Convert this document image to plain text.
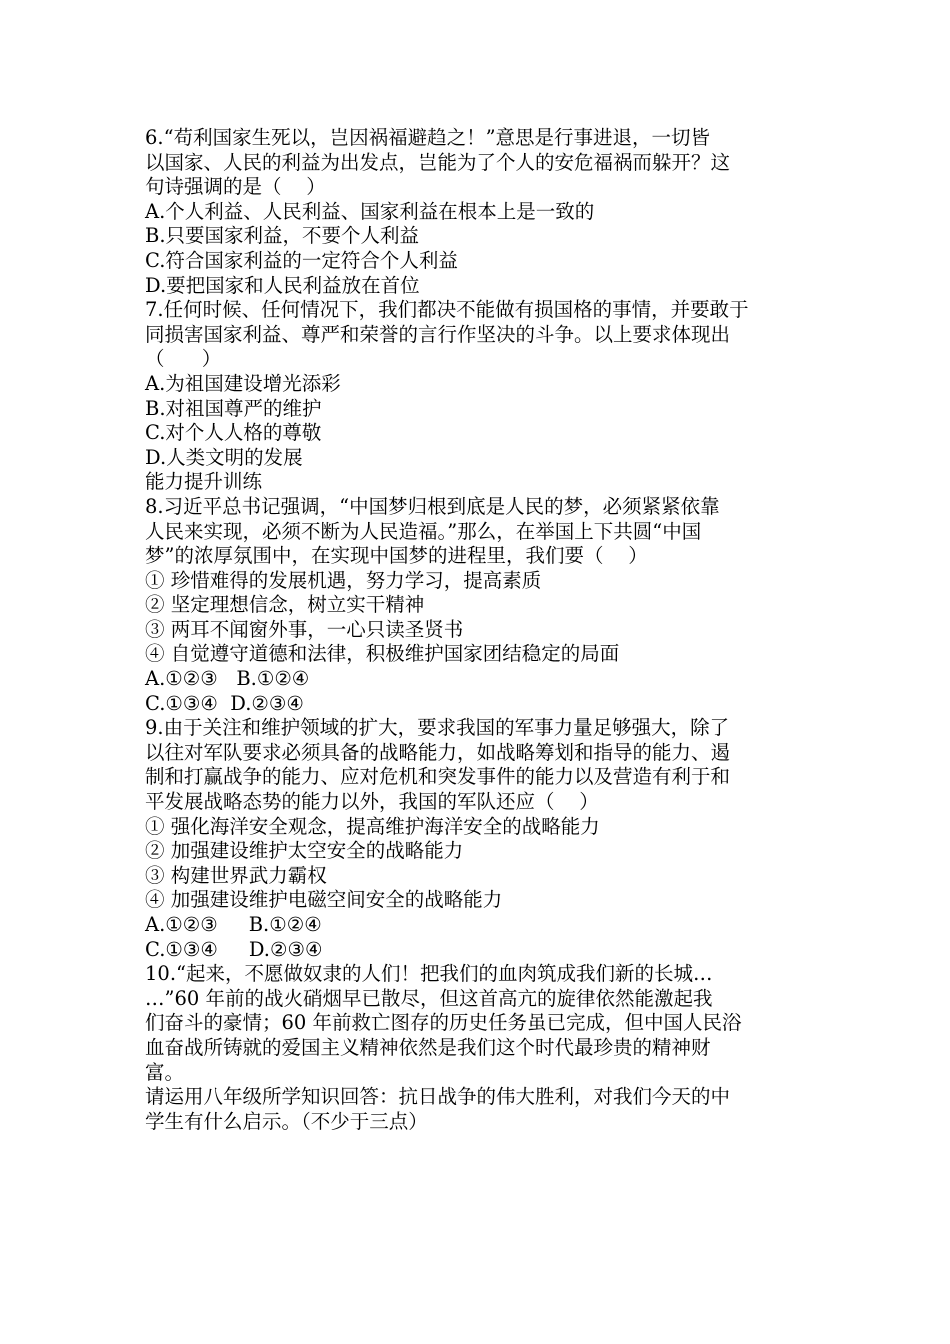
6.“苟利国家生死以，岂因祸福避趋之！”意思是行事进退，一切皆
以国家、人民的利益为出发点，岂能为了个人的安危福祸而躲开？这
句诗强调的是（    ）
A.个人利益、人民利益、国家利益在根本上是一致的
B.只要国家利益，不要个人利益
C.符合国家利益的一定符合个人利益
D.要把国家和人民利益放在首位
7.任何时候、任何情况下，我们都决不能做有损国格的事情，并要敢于
同损害国家利益、尊严和荣誉的言行作坚决的斗争。以上要求体现出
（      ）
A.为祖国建设增光添彩
B.对祖国尊严的维护
C.对个人人格的尊敬
D.人类文明的发展
能力提升训练
8.习近平总书记强调，“中国梦归根到底是人民的梦，必须紧紧依靠
人民来实现，必须不断为人民造福。”那么，在举国上下共圆“中国
梦”的浓厚氛围中，在实现中国梦的进程里，我们要（    ）
① 珍惜难得的发展机遇，努力学习，提高素质
② 坚定理想信念，树立实干精神
③ 两耳不闻窗外事，一心只读圣贤书
④ 自觉遵守道德和法律，积极维护国家团结稳定的局面
A.①②③   B.①②④
C.①③④  D.②③④
9.由于关注和维护领域的扩大，要求我国的军事力量足够强大，除了
以往对军队要求必须具备的战略能力，如战略筹划和指导的能力、遏
制和打赢战争的能力、应对危机和突发事件的能力以及营造有利于和
平发展战略态势的能力以外，我国的军队还应（    ）
① 强化海洋安全观念，提高维护海洋安全的战略能力
② 加强建设维护太空安全的战略能力
③ 构建世界武力霸权
④ 加强建设维护电磁空间安全的战略能力
A.①②③     B.①②④
C.①③④     D.②③④
10.“起来，不愿做奴隶的人们！把我们的血肉筑成我们新的长城…
…”60 年前的战火硝烟早已散尽，但这首高亢的旋律依然能激起我
们奋斗的豪情；60 年前救亡图存的历史任务虽已完成，但中国人民浴
血奋战所铸就的爱国主义精神依然是我们这个时代最珍贵的精神财
富。
请运用八年级所学知识回答：抗日战争的伟大胜利，对我们今天的中
学生有什么启示。（不少于三点）
